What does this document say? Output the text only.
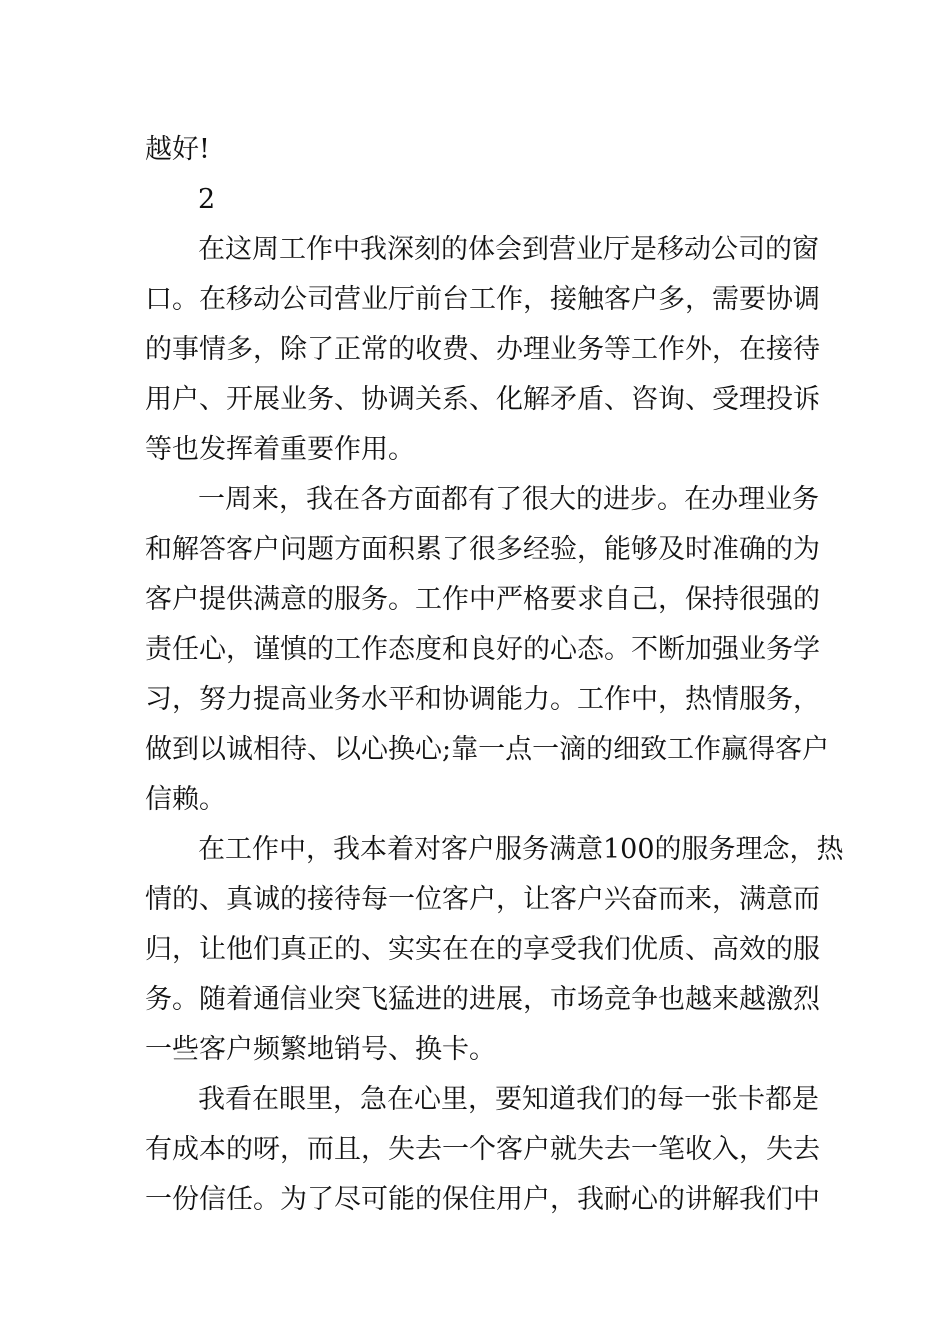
越好!
2
在这周工作中我深刻的体会到营业厅是移动公司的窗
口。在移动公司营业厅前台工作，接触客户多，需要协调
的事情多，除了正常的收费、办理业务等工作外，在接待
用户、开展业务、协调关系、化解矛盾、咨询、受理投诉
等也发挥着重要作用。
一周来，我在各方面都有了很大的进步。在办理业务
和解答客户问题方面积累了很多经验，能够及时准确的为
客户提供满意的服务。工作中严格要求自己，保持很强的
责任心，谨慎的工作态度和良好的心态。不断加强业务学
习，努力提高业务水平和协调能力。工作中，热情服务，
做到以诚相待、以心换心;靠一点一滴的细致工作赢得客户
信赖。
在工作中，我本着对客户服务满意100的服务理念，热
情的、真诚的接待每一位客户，让客户兴奋而来，满意而
归，让他们真正的、实实在在的享受我们优质、高效的服
务。随着通信业突飞猛进的进展，市场竞争也越来越激烈
一些客户频繁地销号、换卡。
我看在眼里，急在心里，要知道我们的每一张卡都是
有成本的呀，而且，失去一个客户就失去一笔收入，失去
一份信任。为了尽可能的保住用户，我耐心的讲解我们中
